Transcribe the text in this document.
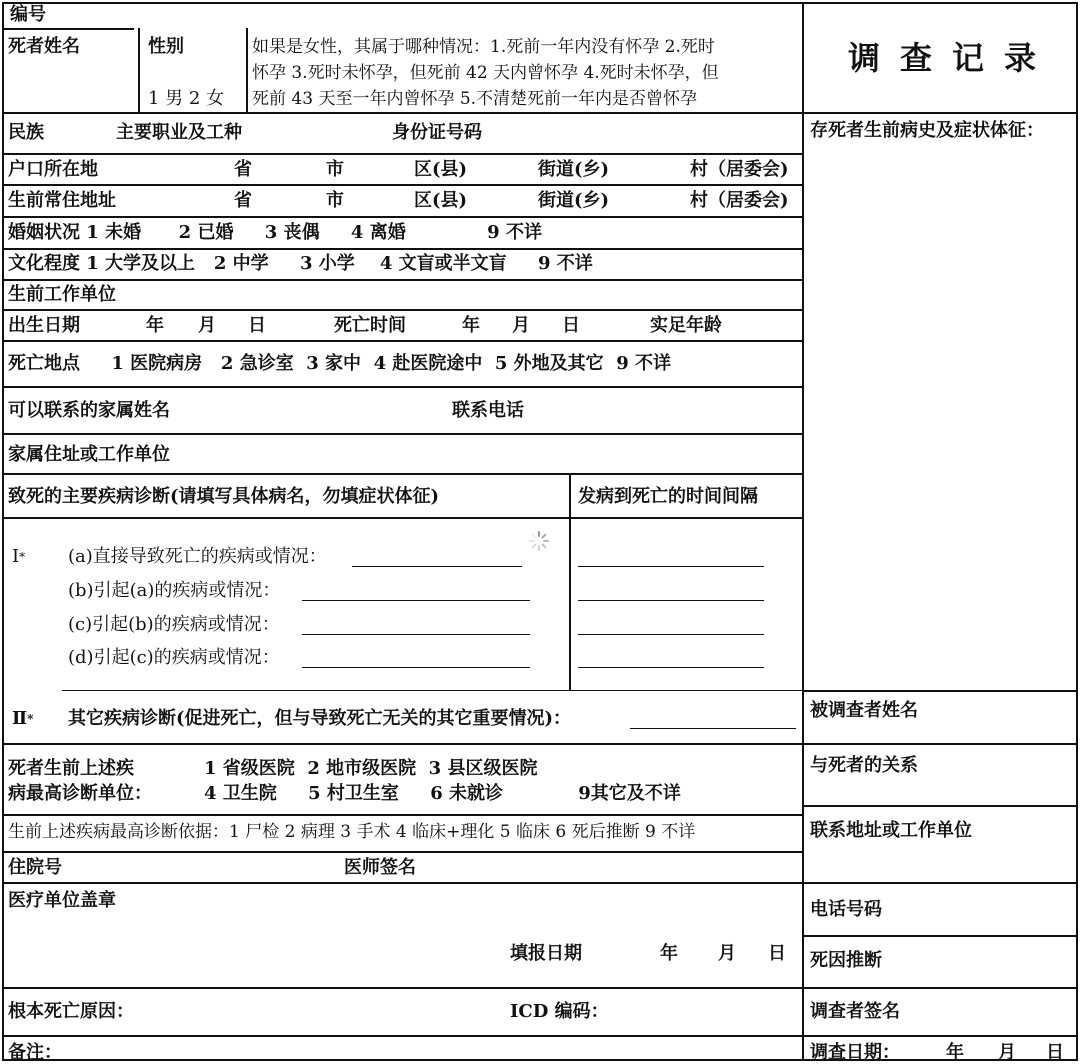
编号
死者姓名	性别
1 男 2 女
如果是女性，其属于哪种情况：1.死前一年内没有怀孕 2.死时
怀孕 3.死时未怀孕，但死前 42 天内曾怀孕 4.死时未怀孕，但
死前 43 天至一年内曾怀孕 5.不清楚死前一年内是否曾怀孕
民族	主要职业及工种	身份证号码
户口所在地	省	市	区(县)	街道(乡)	村（居委会)
生前常住地址	省	市	区(县)	街道(乡)	村（居委会)
婚姻状况 1 未婚      2 已婚     3 丧偶     4 离婚             9 不详
文化程度 1 大学及以上   2 中学     3 小学    4 文盲或半文盲     9 不详
生前工作单位
出生日期	年 月 日	死亡时间	年 月 日	实足年龄
死亡地点     1 医院病房   2 急诊室  3 家中  4 赴医院途中  5 外地及其它  9 不详
可以联系的家属姓名	联系电话
家属住址或工作单位
致死的主要疾病诊断(请填写具体病名，勿填症状体征)	发病到死亡的时间间隔
Ⅰ* (a)直接导致死亡的疾病或情况：
(b)引起(a)的疾病或情况：
(c)引起(b)的疾病或情况：
(d)引起(c)的疾病或情况：
Ⅱ* 其它疾病诊断(促进死亡，但与导致死亡无关的其它重要情况)：
死者生前上述疾
病最高诊断单位：
1 省级医院  2 地市级医院  3 县区级医院
4 卫生院     5 村卫生室     6 未就诊            9其它及不详
生前上述疾病最高诊断依据：1 尸检 2 病理 3 手术 4 临床+理化 5 临床 6 死后推断 9 不详
住院号	医师签名
医疗单位盖章
填报日期	年 月 日
根本死亡原因：	ICD 编码：
备注：
调查记录
存死者生前病史及症状体征：
被调查者姓名
与死者的关系
联系地址或工作单位
电话号码
死因推断
调查者签名
调查日期：	年 月 日
